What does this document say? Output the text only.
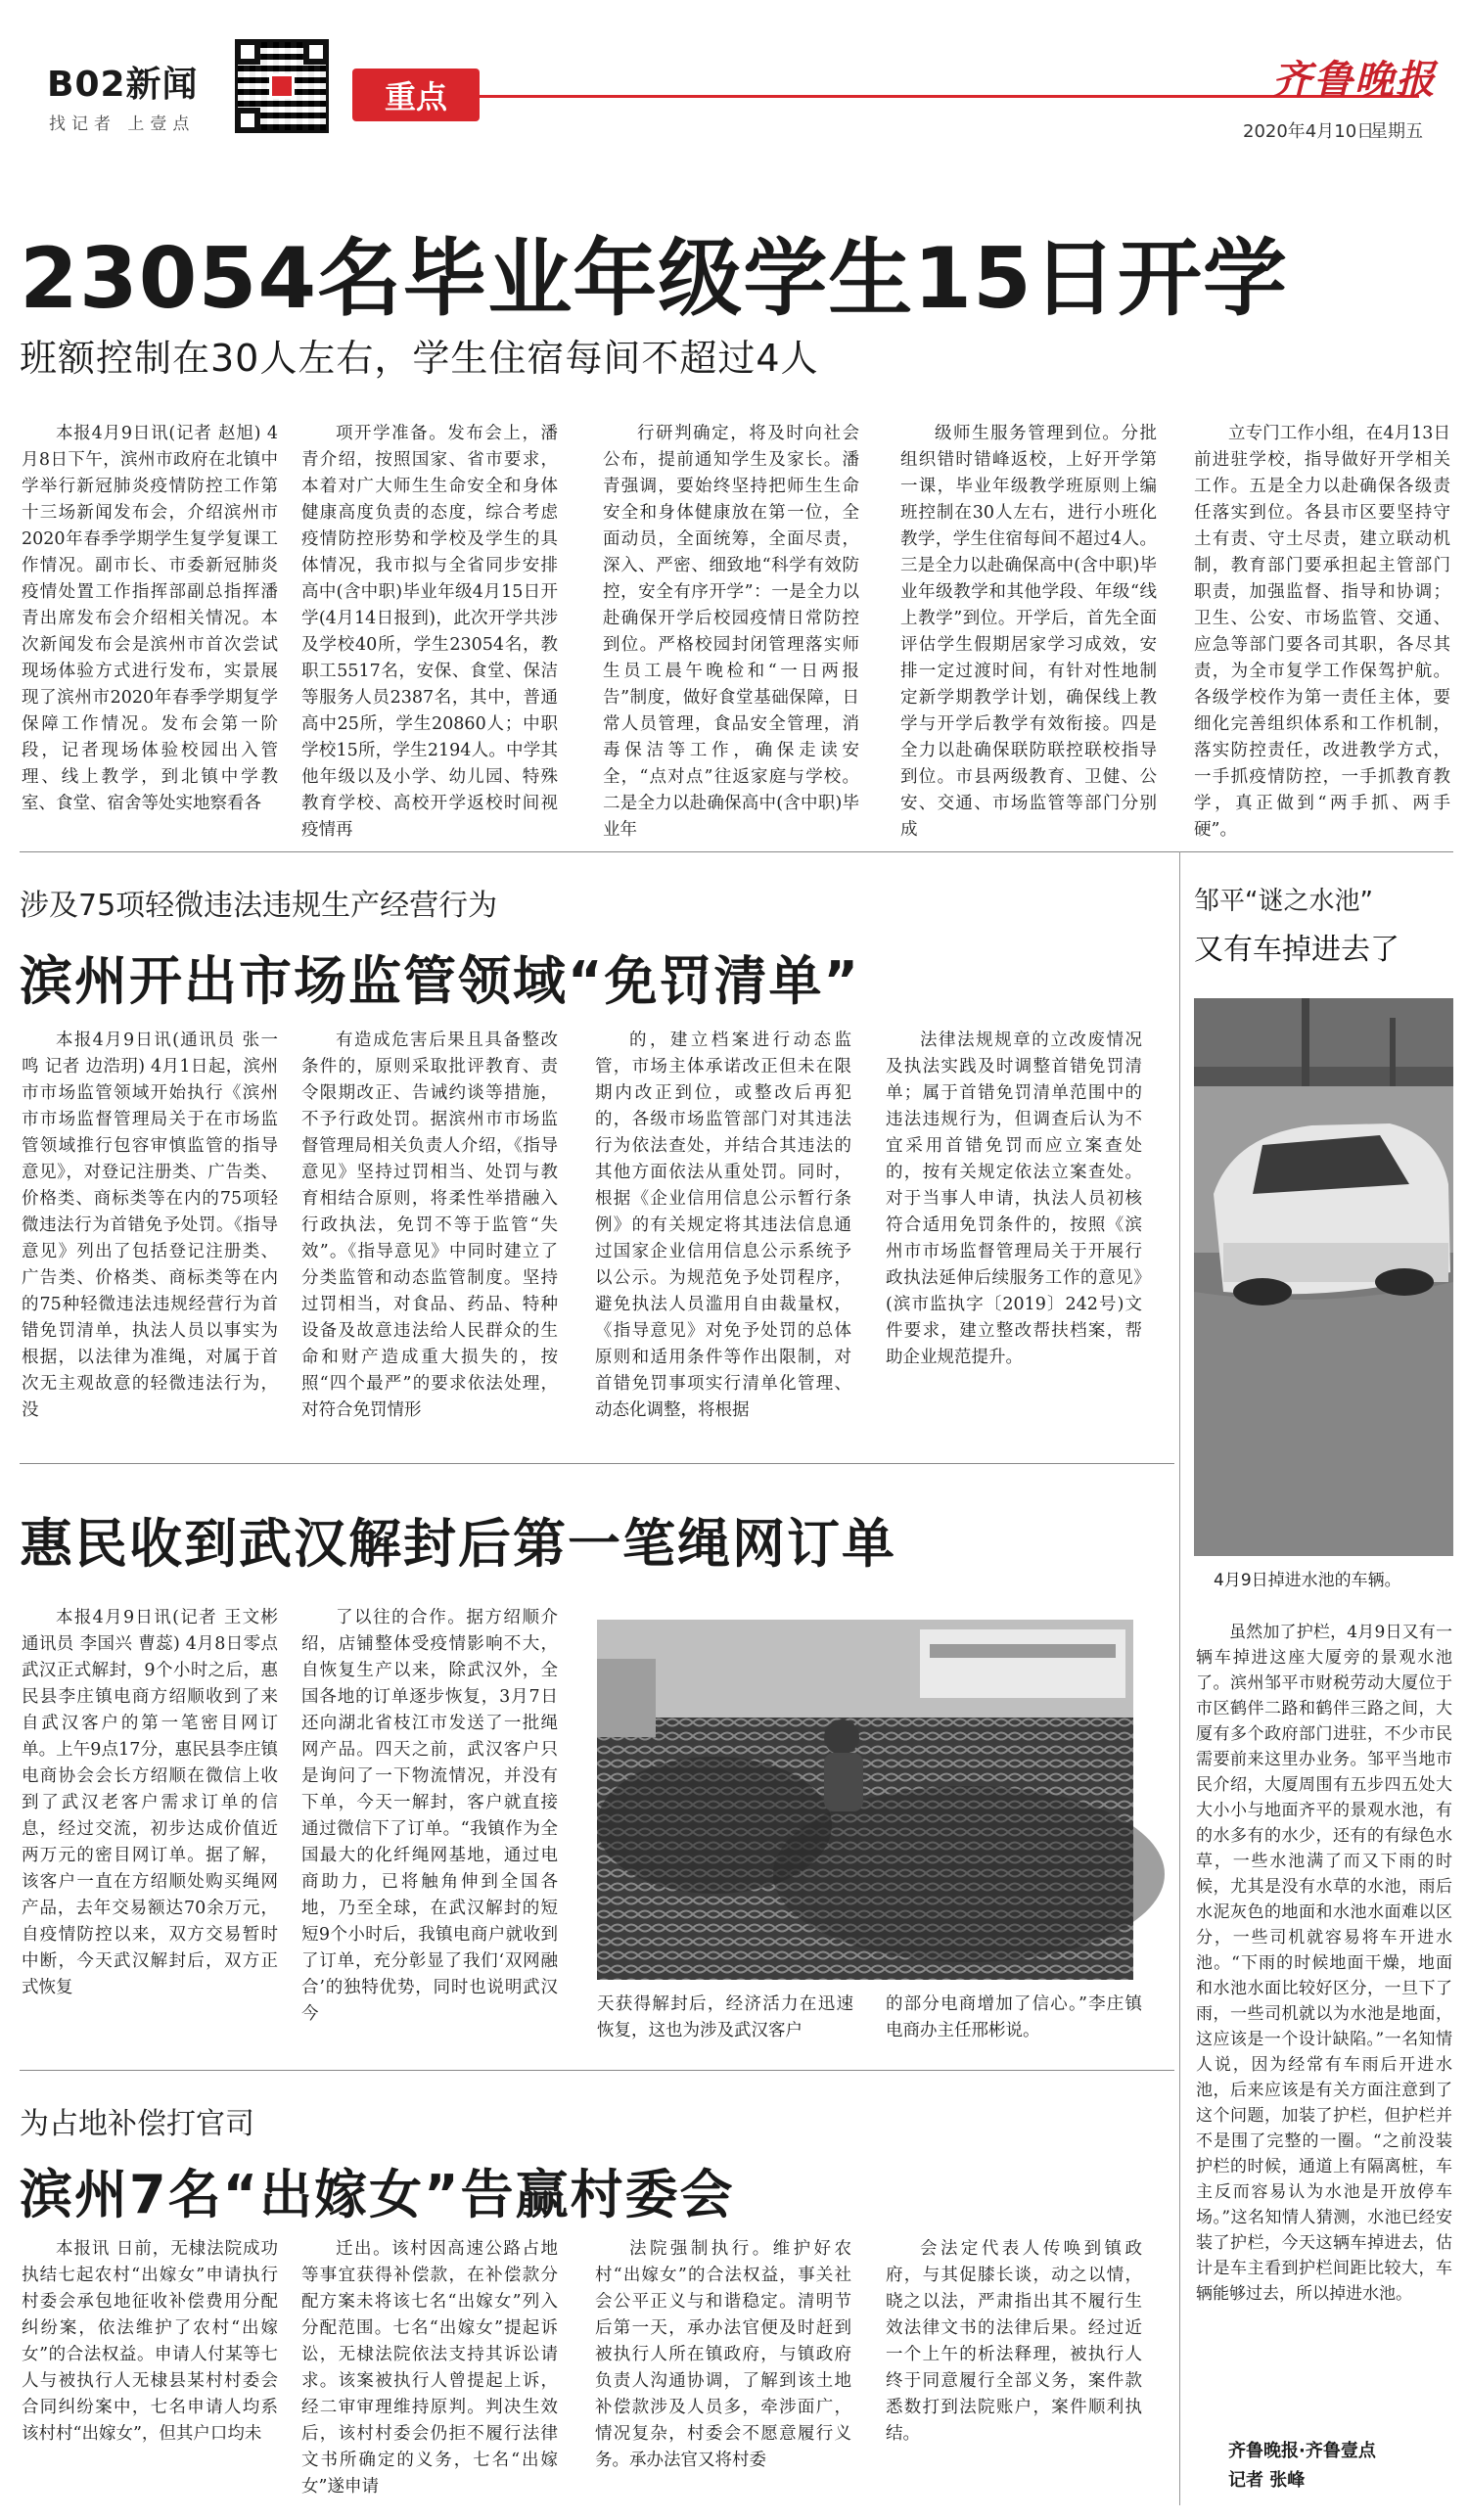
B02新闻
找记者 上壹点
重点	齐鲁晚报
2020年4月10日
星期五
23054名毕业年级学生15日开学
班额控制在30人左右，学生住宿每间不超过4人

本报4月9日讯(记者 赵旭) 4月8日下午，滨州市政府在北镇中学举行新冠肺炎疫情防控工作第十三场新闻发布会，介绍滨州市2020年春季学期学生复学复课工作情况。副市长、市委新冠肺炎疫情处置工作指挥部副总指挥潘青出席发布会介绍相关情况。本次新闻发布会是滨州市首次尝试现场体验方式进行发布，实景展现了滨州市2020年春季学期复学保障工作情况。发布会第一阶段，记者现场体验校园出入管理、线上教学，到北镇中学教室、食堂、宿舍等处实地察看各

项开学准备。发布会上，潘青介绍，按照国家、省市要求，本着对广大师生生命安全和身体健康高度负责的态度，综合考虑疫情防控形势和学校及学生的具体情况，我市拟与全省同步安排高中(含中职)毕业年级4月15日开学(4月14日报到)，此次开学共涉及学校40所，学生23054名，教职工5517名，安保、食堂、保洁等服务人员2387名，其中，普通高中25所，学生20860人；中职学校15所，学生2194人。中学其他年级以及小学、幼儿园、特殊教育学校、高校开学返校时间视疫情再

行研判确定，将及时向社会公布，提前通知学生及家长。潘青强调，要始终坚持把师生生命安全和身体健康放在第一位，全面动员，全面统筹，全面尽责，深入、严密、细致地“科学有效防控，安全有序开学”：一是全力以赴确保开学后校园疫情日常防控到位。严格校园封闭管理落实师生员工晨午晚检和“一日两报告”制度，做好食堂基础保障，日常人员管理，食品安全管理，消毒保洁等工作，确保走读安全，“点对点”往返家庭与学校。二是全力以赴确保高中(含中职)毕业年

级师生服务管理到位。分批组织错时错峰返校，上好开学第一课，毕业年级教学班原则上编班控制在30人左右，进行小班化教学，学生住宿每间不超过4人。三是全力以赴确保高中(含中职)毕业年级教学和其他学段、年级“线上教学”到位。开学后，首先全面评估学生假期居家学习成效，安排一定过渡时间，有针对性地制定新学期教学计划，确保线上教学与开学后教学有效衔接。四是全力以赴确保联防联控联校指导到位。市县两级教育、卫健、公安、交通、市场监管等部门分别成

立专门工作小组，在4月13日前进驻学校，指导做好开学相关工作。五是全力以赴确保各级责任落实到位。各县市区要坚持守土有责、守土尽责，建立联动机制，教育部门要承担起主管部门职责，加强监督、指导和协调；卫生、公安、市场监管、交通、应急等部门要各司其职，各尽其责，为全市复学工作保驾护航。各级学校作为第一责任主体，要细化完善组织体系和工作机制，落实防控责任，改进教学方式，一手抓疫情防控，一手抓教育教学，真正做到“两手抓、两手硬”。

涉及75项轻微违法违规生产经营行为
滨州开出市场监管领域“免罚清单”

本报4月9日讯(通讯员 张一鸣 记者 边浩玥) 4月1日起，滨州市市场监管领域开始执行《滨州市市场监督管理局关于在市场监管领域推行包容审慎监管的指导意见》，对登记注册类、广告类、价格类、商标类等在内的75项轻微违法行为首错免予处罚。《指导意见》列出了包括登记注册类、广告类、价格类、商标类等在内的75种轻微违法违规经营行为首错免罚清单，执法人员以事实为根据，以法律为准绳，对属于首次无主观故意的轻微违法行为，没

有造成危害后果且具备整改条件的，原则采取批评教育、责令限期改正、告诫约谈等措施，不予行政处罚。据滨州市市场监督管理局相关负责人介绍，《指导意见》坚持过罚相当、处罚与教育相结合原则，将柔性举措融入行政执法，免罚不等于监管“失效”。《指导意见》中同时建立了分类监管和动态监管制度。坚持过罚相当，对食品、药品、特种设备及故意违法给人民群众的生命和财产造成重大损失的，按照“四个最严”的要求依法处理，对符合免罚情形

的，建立档案进行动态监管，市场主体承诺改正但未在限期内改正到位，或整改后再犯的，各级市场监管部门对其违法行为依法查处，并结合其违法的其他方面依法从重处罚。同时，根据《企业信用信息公示暂行条例》的有关规定将其违法信息通过国家企业信用信息公示系统予以公示。为规范免予处罚程序，避免执法人员滥用自由裁量权，《指导意见》对免予处罚的总体原则和适用条件等作出限制，对首错免罚事项实行清单化管理、动态化调整，将根据

法律法规规章的立改废情况及执法实践及时调整首错免罚清单；属于首错免罚清单范围中的违法违规行为，但调查后认为不宜采用首错免罚而应立案查处的，按有关规定依法立案查处。对于当事人申请，执法人员初核符合适用免罚条件的，按照《滨州市市场监督管理局关于开展行政执法延伸后续服务工作的意见》(滨市监执字〔2019〕242号)文件要求，建立整改帮扶档案，帮助企业规范提升。

惠民收到武汉解封后第一笔绳网订单

本报4月9日讯(记者 王文彬 通讯员 李国兴 曹蕊) 4月8日零点武汉正式解封，9个小时之后，惠民县李庄镇电商方绍顺收到了来自武汉客户的第一笔密目网订单。上午9点17分，惠民县李庄镇电商协会会长方绍顺在微信上收到了武汉老客户需求订单的信息，经过交流，初步达成价值近两万元的密目网订单。据了解，该客户一直在方绍顺处购买绳网产品，去年交易额达70余万元，自疫情防控以来，双方交易暂时中断，今天武汉解封后，双方正式恢复

了以往的合作。据方绍顺介绍，店铺整体受疫情影响不大，自恢复生产以来，除武汉外，全国各地的订单逐步恢复，3月7日还向湖北省枝江市发送了一批绳网产品。四天之前，武汉客户只是询问了一下物流情况，并没有下单，今天一解封，客户就直接通过微信下了订单。“我镇作为全国最大的化纤绳网基地，通过电商助力，已将触角伸到全国各地，乃至全球，在武汉解封的短短9个小时后，我镇电商户就收到了订单，充分彰显了我们‘双网融合’的独特优势，同时也说明武汉今	天获得解封后，经济活力在迅速恢复，这也为涉及武汉客户

的部分电商增加了信心。”李庄镇电商办主任邢彬说。

为占地补偿打官司
滨州7名“出嫁女”告赢村委会

本报讯 日前，无棣法院成功执结七起农村“出嫁女”申请执行村委会承包地征收补偿费用分配纠纷案，依法维护了农村“出嫁女”的合法权益。申请人付某等七人与被执行人无棣县某村村委会合同纠纷案中，七名申请人均系该村村“出嫁女”，但其户口均未

迁出。该村因高速公路占地等事宜获得补偿款，在补偿款分配方案未将该七名“出嫁女”列入分配范围。七名“出嫁女”提起诉讼，无棣法院依法支持其诉讼请求。该案被执行人曾提起上诉，经二审审理维持原判。判决生效后，该村村委会仍拒不履行法律文书所确定的义务，七名“出嫁女”遂申请

法院强制执行。维护好农村“出嫁女”的合法权益，事关社会公平正义与和谐稳定。清明节后第一天，承办法官便及时赶到被执行人所在镇政府，与镇政府负责人沟通协调，了解到该土地补偿款涉及人员多，牵涉面广，情况复杂，村委会不愿意履行义务。承办法官又将村委

会法定代表人传唤到镇政府，与其促膝长谈，动之以情，晓之以法，严肃指出其不履行生效法律文书的法律后果。经过近一个上午的析法释理，被执行人终于同意履行全部义务，案件款悉数打到法院账户，案件顺利执结。

邹平“谜之水池”
又有车掉进去了
4月9日掉进水池的车辆。

虽然加了护栏，4月9日又有一辆车掉进这座大厦旁的景观水池了。滨州邹平市财税劳动大厦位于市区鹤伴二路和鹤伴三路之间，大厦有多个政府部门进驻，不少市民需要前来这里办业务。邹平当地市民介绍，大厦周围有五步四五处大大小小与地面齐平的景观水池，有的水多有的水少，还有的有绿色水草，一些水池满了而又下雨的时候，尤其是没有水草的水池，雨后水泥灰色的地面和水池水面难以区分，一些司机就容易将车开进水池。“下雨的时候地面干燥，地面和水池水面比较好区分，一旦下了雨，一些司机就以为水池是地面，这应该是一个设计缺陷。”一名知情人说，因为经常有车雨后开进水池，后来应该是有关方面注意到了这个问题，加装了护栏，但护栏并不是围了完整的一圈。“之前没装护栏的时候，通道上有隔离桩，车主反而容易认为水池是开放停车场。”这名知情人猜测，水池已经安装了护栏，今天这辆车掉进去，估计是车主看到护栏间距比较大，车辆能够过去，所以掉进水池。

齐鲁晚报·齐鲁壹点
记者 张峰
